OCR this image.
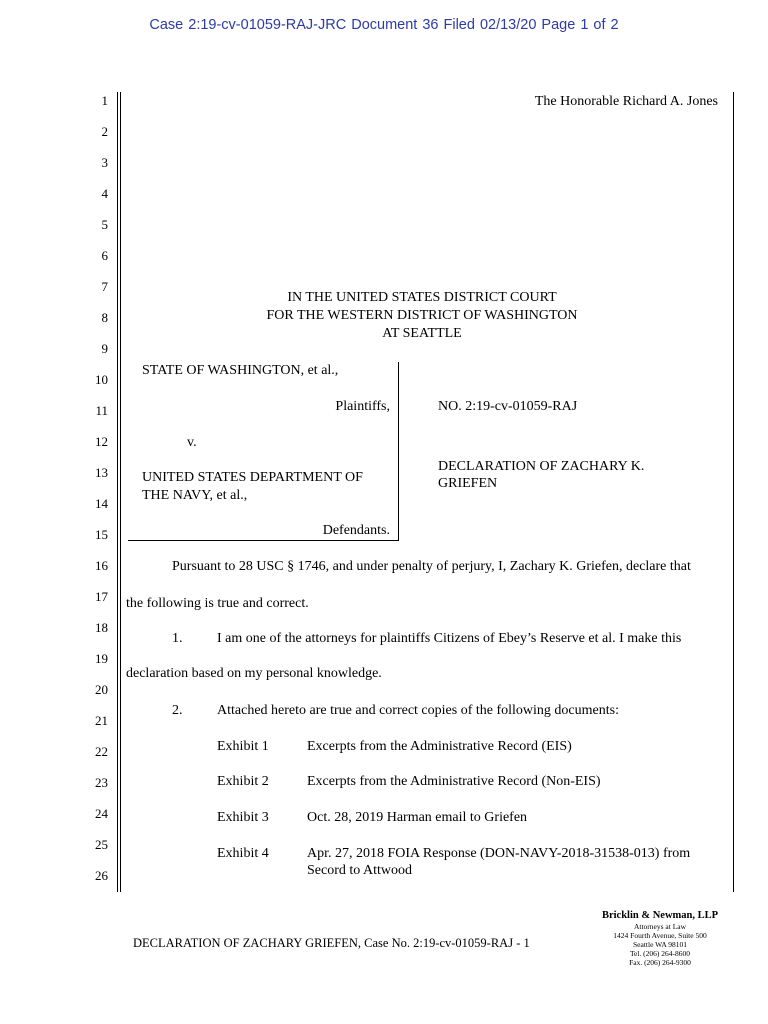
Case 2:19-cv-01059-RAJ-JRC Document 36 Filed 02/13/20 Page 1 of 2
1
2
3
4
5
6
7
8
9
10
11
12
13
14
15
16
17
18
19
20
21
22
23
24
25
26
The Honorable Richard A. Jones
IN THE UNITED STATES DISTRICT COURT
FOR THE WESTERN DISTRICT OF WASHINGTON
AT SEATTLE
STATE OF WASHINGTON, et al.,
Plaintiffs,
v.
UNITED STATES DEPARTMENT OF
THE NAVY, et al.,
Defendants.
NO. 2:19-cv-01059-RAJ
DECLARATION OF ZACHARY K.
GRIEFEN
Pursuant to 28 USC § 1746, and under penalty of perjury, I, Zachary K. Griefen, declare that
the following is true and correct.
1. I am one of the attorneys for plaintiffs Citizens of Ebey’s Reserve et al. I make this
declaration based on my personal knowledge.
2. Attached hereto are true and correct copies of the following documents:
Exhibit 1	Excerpts from the Administrative Record (EIS)
Exhibit 2	Excerpts from the Administrative Record (Non-EIS)
Exhibit 3	Oct. 28, 2019 Harman email to Griefen
Exhibit 4	Apr. 27, 2018 FOIA Response (DON-NAVY-2018-31538-013) from
Secord to Attwood
DECLARATION OF ZACHARY GRIEFEN, Case No. 2:19-cv-01059-RAJ - 1
Bricklin & Newman, LLP
Attorneys at Law
1424 Fourth Avenue, Suite 500
Seattle WA 98101
Tel. (206) 264-8600
Fax. (206) 264-9300
